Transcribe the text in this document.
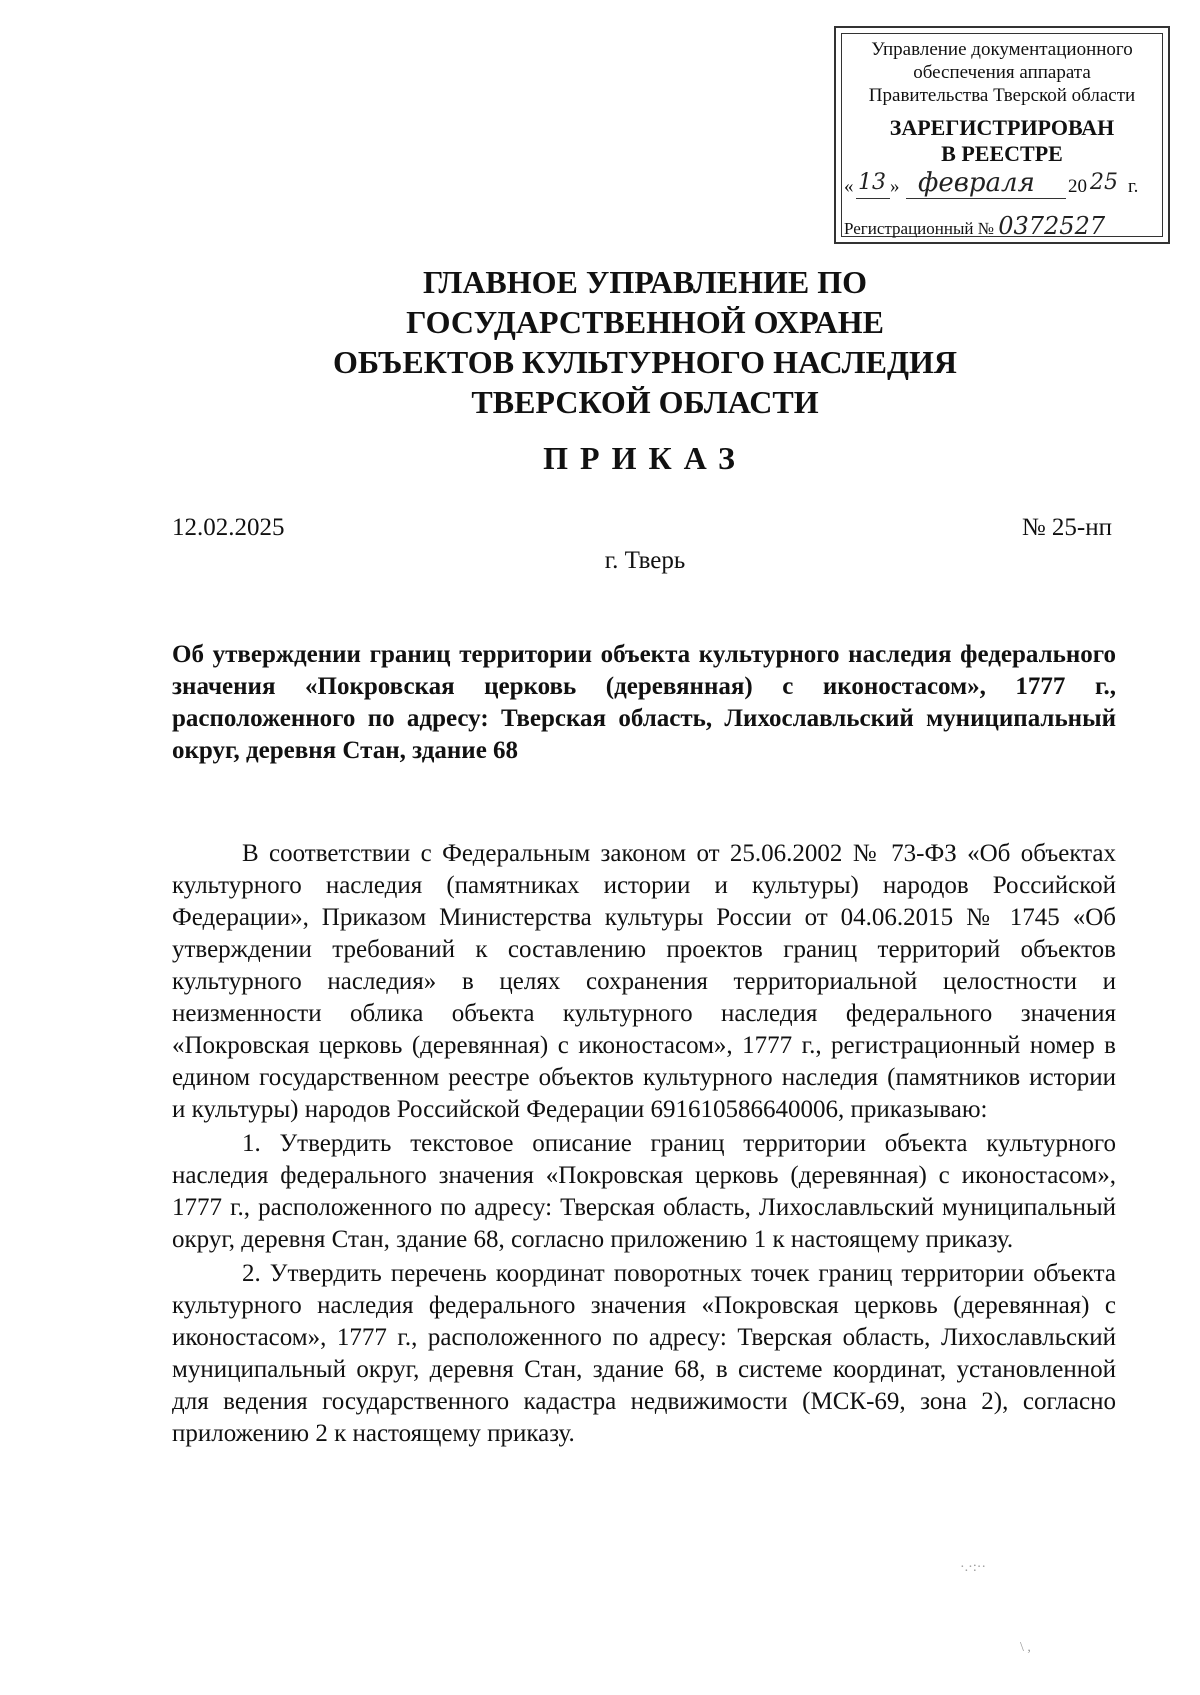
Управление документационного
обеспечения аппарата
Правительства Тверской области
ЗАРЕГИСТРИРОВАН
В РЕЕСТРЕ
« 13 » февраля 20 25 г.
Регистрационный № 0372527
ГЛАВНОЕ УПРАВЛЕНИЕ ПО
ГОСУДАРСТВЕННОЙ ОХРАНЕ
ОБЪЕКТОВ КУЛЬТУРНОГО НАСЛЕДИЯ
ТВЕРСКОЙ ОБЛАСТИ
ПРИКАЗ
12.02.2025	№ 25-нп
г. Тверь
Об утверждении границ территории объекта культурного наследия федерального значения «Покровская церковь (деревянная) с иконостасом», 1777 г., расположенного по адресу: Тверская область, Лихославльский муниципальный округ, деревня Стан, здание 68

В соответствии с Федеральным законом от 25.06.2002 № 73-ФЗ «Об объектах культурного наследия (памятниках истории и культуры) народов Российской Федерации», Приказом Министерства культуры России от 04.06.2015 № 1745 «Об утверждении требований к составлению проектов границ территорий объектов культурного наследия» в целях сохранения территориальной целостности и неизменности облика объекта культурного наследия федерального значения «Покровская церковь (деревянная) с иконостасом», 1777 г., регистрационный номер в едином государственном реестре объектов культурного наследия (памятников истории и культуры) народов Российской Федерации 691610586640006, приказываю:

1. Утвердить текстовое описание границ территории объекта культурного наследия федерального значения «Покровская церковь (деревянная) с иконостасом», 1777 г., расположенного по адресу: Тверская область, Лихославльский муниципальный округ, деревня Стан, здание 68, согласно приложению 1 к настоящему приказу.

2. Утвердить перечень координат поворотных точек границ территории объекта культурного наследия федерального значения «Покровская церковь (деревянная) с иконостасом», 1777 г., расположенного по адресу: Тверская область, Лихославльский муниципальный округ, деревня Стан, здание 68, в системе координат, установленной для ведения государственного кадастра недвижимости (МСК-69, зона 2), согласно приложению 2 к настоящему приказу.

·.·:··
\ ,
